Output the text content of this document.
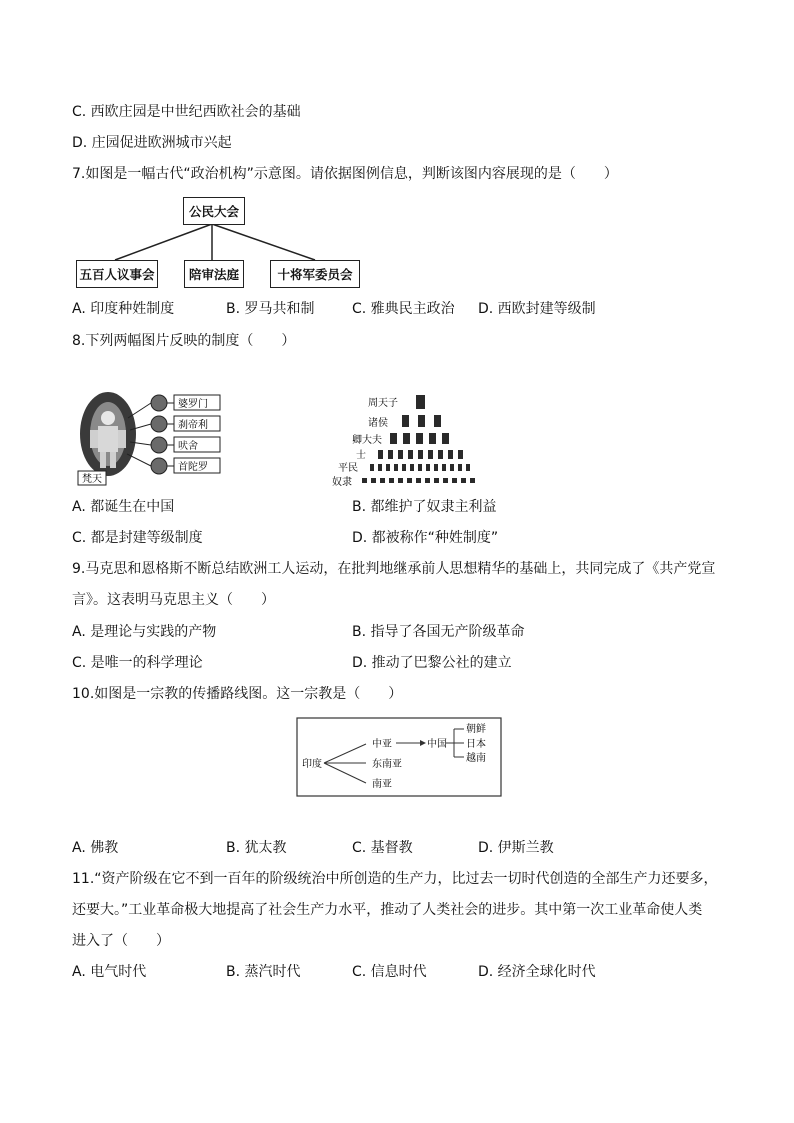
C. 西欧庄园是中世纪西欧社会的基础
D. 庄园促进欧洲城市兴起
7.如图是一幅古代“政治机构”示意图。请依据图例信息，判断该图内容展现的是（　　）
公民大会
五百人议事会	陪审法庭	十将军委员会
A. 印度种姓制度	B. 罗马共和制	C. 雅典民主政治 D. 西欧封建等级制
8.下列两幅图片反映的制度（　　）
梵天
婆罗门
刹帝利
吠舍
首陀罗
周天子
诸侯
卿大夫
士
平民
奴隶
A. 都诞生在中国	B. 都维护了奴隶主利益
C. 都是封建等级制度	D. 都被称作“种姓制度”
9.马克思和恩格斯不断总结欧洲工人运动，在批判地继承前人思想精华的基础上，共同完成了《共产党宣
言》。这表明马克思主义（　　）
A. 是理论与实践的产物	B. 指导了各国无产阶级革命
C. 是唯一的科学理论	D. 推动了巴黎公社的建立
10.如图是一宗教的传播路线图。这一宗教是（　　）
印度
中亚
东南亚
南亚
中国
朝鲜
日本
越南
A. 佛教	B. 犹太教	C. 基督教	D. 伊斯兰教
11.“资产阶级在它不到一百年的阶级统治中所创造的生产力，比过去一切时代创造的全部生产力还要多，
还要大。”工业革命极大地提高了社会生产力水平，推动了人类社会的进步。其中第一次工业革命使人类
进入了（　　）
A. 电气时代	B. 蒸汽时代	C. 信息时代	D. 经济全球化时代
